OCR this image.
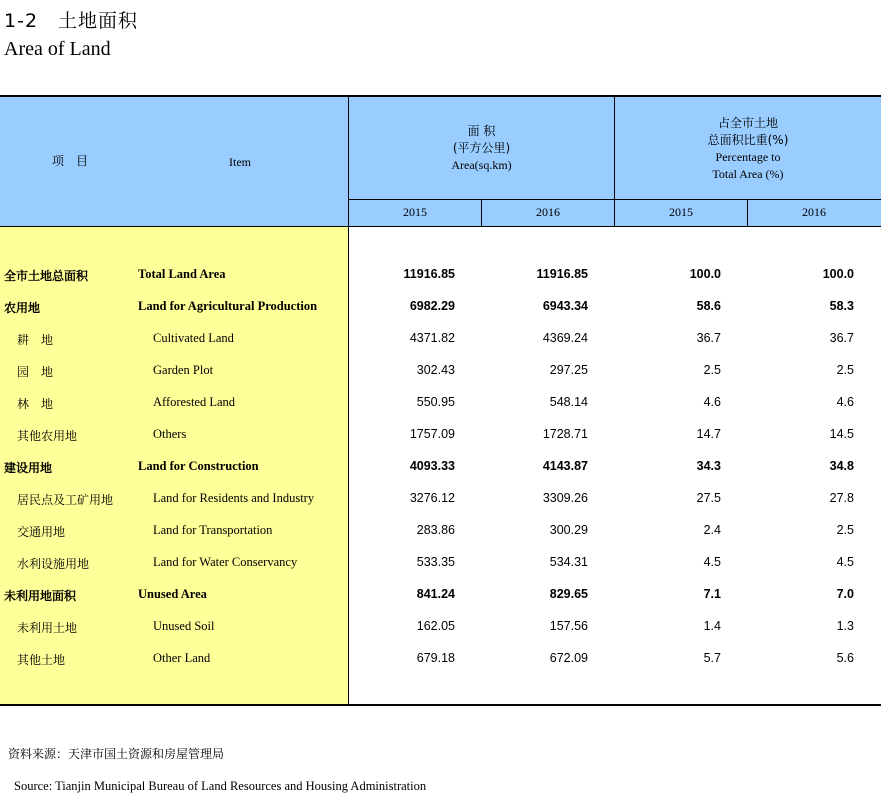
1-2　土地面积
Area of Land
项　目	Item
面 积
(平方公里)
Area(sq.km)
占全市土地
总面积比重(%)
Percentage to
Total Area (%)
2015	2016	2015	2016
全市土地总面积	Total Land Area	11916.85	11916.85	100.0	100.0
农用地	Land for Agricultural Production	6982.29	6943.34	58.6	58.3
耕　地	Cultivated Land	4371.82	4369.24	36.7	36.7
园　地	Garden Plot	302.43	297.25	2.5	2.5
林　地	Afforested Land	550.95	548.14	4.6	4.6
其他农用地	Others	1757.09	1728.71	14.7	14.5
建设用地	Land for Construction	4093.33	4143.87	34.3	34.8
居民点及工矿用地	Land for Residents and Industry	3276.12	3309.26	27.5	27.8
交通用地	Land for Transportation	283.86	300.29	2.4	2.5
水利设施用地	Land for Water Conservancy	533.35	534.31	4.5	4.5
未利用地面积	Unused Area	841.24	829.65	7.1	7.0
未利用土地	Unused Soil	162.05	157.56	1.4	1.3
其他土地	Other Land	679.18	672.09	5.7	5.6
资料来源：天津市国土资源和房屋管理局
Source: Tianjin Municipal Bureau of Land Resources and Housing Administration
